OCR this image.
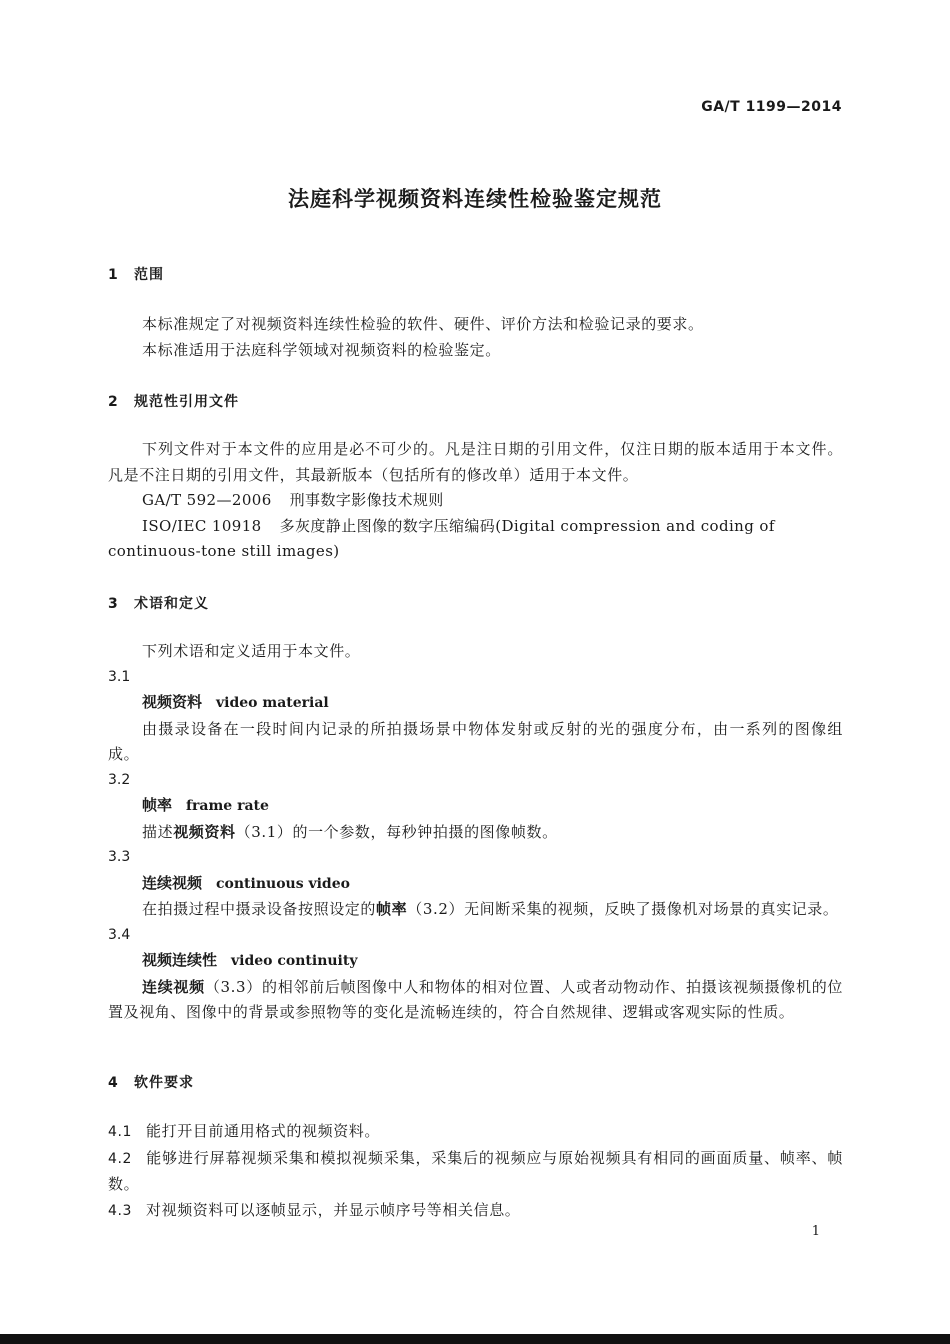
GA/T 1199—2014
法庭科学视频资料连续性检验鉴定规范
1 范围

本标准规定了对视频资料连续性检验的软件、硬件、评价方法和检验记录的要求。

本标准适用于法庭科学领域对视频资料的检验鉴定。

2 规范性引用文件

下列文件对于本文件的应用是必不可少的。凡是注日期的引用文件，仅注日期的版本适用于本文件。凡是不注日期的引用文件，其最新版本（包括所有的修改单）适用于本文件。

GA/T 592—2006 刑事数字影像技术规则

ISO/IEC 10918 多灰度静止图像的数字压缩编码(Digital compression and coding of continuous-tone still images)

3 术语和定义

下列术语和定义适用于本文件。

3.1

视频资料 video material

由摄录设备在一段时间内记录的所拍摄场景中物体发射或反射的光的强度分布，由一系列的图像组成。

3.2

帧率 frame rate

描述视频资料（3.1）的一个参数，每秒钟拍摄的图像帧数。

3.3

连续视频 continuous video

在拍摄过程中摄录设备按照设定的帧率（3.2）无间断采集的视频，反映了摄像机对场景的真实记录。

3.4

视频连续性 video continuity

连续视频（3.3）的相邻前后帧图像中人和物体的相对位置、人或者动物动作、拍摄该视频摄像机的位置及视角、图像中的背景或参照物等的变化是流畅连续的，符合自然规律、逻辑或客观实际的性质。

4 软件要求

4.1 能打开目前通用格式的视频资料。

4.2 能够进行屏幕视频采集和模拟视频采集，采集后的视频应与原始视频具有相同的画面质量、帧率、帧数。

4.3 对视频资料可以逐帧显示，并显示帧序号等相关信息。

1
